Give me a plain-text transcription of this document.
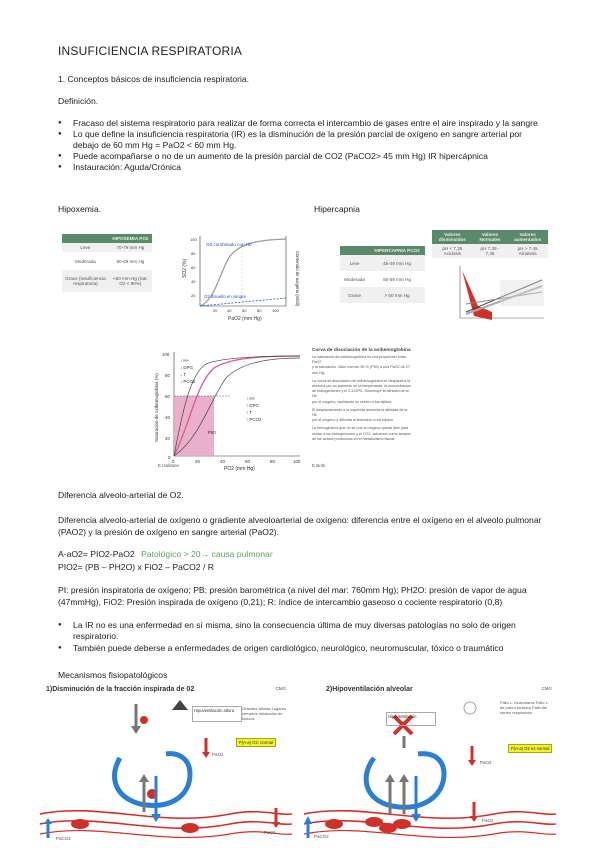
INSUFICIENCIA RESPIRATORIA
1. Conceptos básicos de insuficiencia respiratoria.
Definición.
● Fracaso del sistema respiratorio para realizar de forma correcta el intercambio de gases entre el aire inspirado y la sangre
● Lo que define la insuficiencia respiratoria (IR) es la disminución de la presión parcial de oxígeno en sangre arterial por debajo de 60 mm Hg = PaO2 < 60 mm Hg.
● Puede acompañarse o no de un aumento de la presión parcial de CO2 (PaCO2> 45 mm Hg) IR hipercápnica
● Instauración: Aguda/Crónica
Hipoxemia.	Hipercapnia
	HIPOXEMIA PO2
Leve	70-79 mm Hg
Moderada	60-69 mm Hg
Grave (Insuficiencia respiratoria)	<60 mm Hg (Sat. O2 < 90%)
SO2 (%)	Contenido de oxígeno (ml/dl)
PaO2 (mm Hg)
O2 combinado con Hb
O2 disuelto en sangre
20 40	60	80	100
100
80
60
40
20
	HIPERCAPNIA PCO2
Leve	45-49 mm Hg
Moderada	50-59 mm Hg
Grave	> 60 mm Hg
Valores disminuidos	Valores Normales	Valores aumentados
pH < 7,35 Acidosis	pH 7,35 - 7,45	pH > 7,45 Alcalosis
Saturación de oxihemoglobina (%)
PO2 (mm Hg)
100
80
60
40
20
0
0	20	40	60	80	100
↓ H+
↓ DPG
↓ T
↓ PCO2
↑ H+
↑ DPG
↑ T
↑ PCO2
P50
E.Haldane
Curva de disociación de la oxihemoglobina
La saturación de oxihemoglobina es una proporción entre PaO2
y la saturación. Valor normal: 50 % (P50) a una PaO2 de 27 mm Hg.
La curva de disociación de oxihemoglobina se desplaza a la
derecha por un aumento de la temperatura, la concentración
de hidrogeniones y el 2,3-DPG. Disminuye la afinidad de la Hb
por el oxígeno, facilitando su cesión a los tejidos.
El desplazamiento a la izquierda aumenta la afinidad de la Hb
por el oxígeno y dificulta la liberación a los tejidos.
La hemoglobina que no se une al oxígeno queda libre para
unirse a los hidrogeniones y el CO2, actuando como tampón
de los ácidos producidos en el metabolismo tisular.
E.Bohr
Diferencia alveolo-arterial de O2.
Diferencia alveolo-arterial de oxígeno o gradiente alveoloarterial de oxígeno: diferencia entre el oxígeno en el alveolo pulmonar (PAO2) y la presión de oxígeno en sangre arterial (PaO2).
A-aO2= PIO2-PaO2 Patológico > 20→ causa pulmonar
PIO2= (PB – PH2O) x FiO2 – PaCO2 / R
PI: presión inspiratoria de oxígeno; PB: presión barométrica (a nivel del mar: 760mm Hg); PH2O: presión de vapor de agua (47mmHg), FiO2: Presión inspirada de oxígeno (0,21); R: índice de intercambio gaseoso o cociente respiratorio (0,8)
● La IR no es una enfermedad en sí misma, sino la consecuencia última de muy diversas patologías no solo de origen respiratorio.
● También puede deberse a enfermedades de origen cardiológico, neurológico, neuromuscular, tóxico o traumático
Mecanismos fisiopatológicos
1)Disminución de la fracción inspirada de 02	CMG
Hipoventilación altura	Grandes alturas Lugares cerrados Inhalación de tóxicos
P(A-a) O2: normal
PaO2
PaCO2
PaO2
2)Hipoventilación alveolar	CMG
Hipoventilación
Fallo L. musculares Fallo L. de pared torácica Fallo del centro respiratorio
P(A-a) O2 es normal
PaO2
PaCO2
PaO2
